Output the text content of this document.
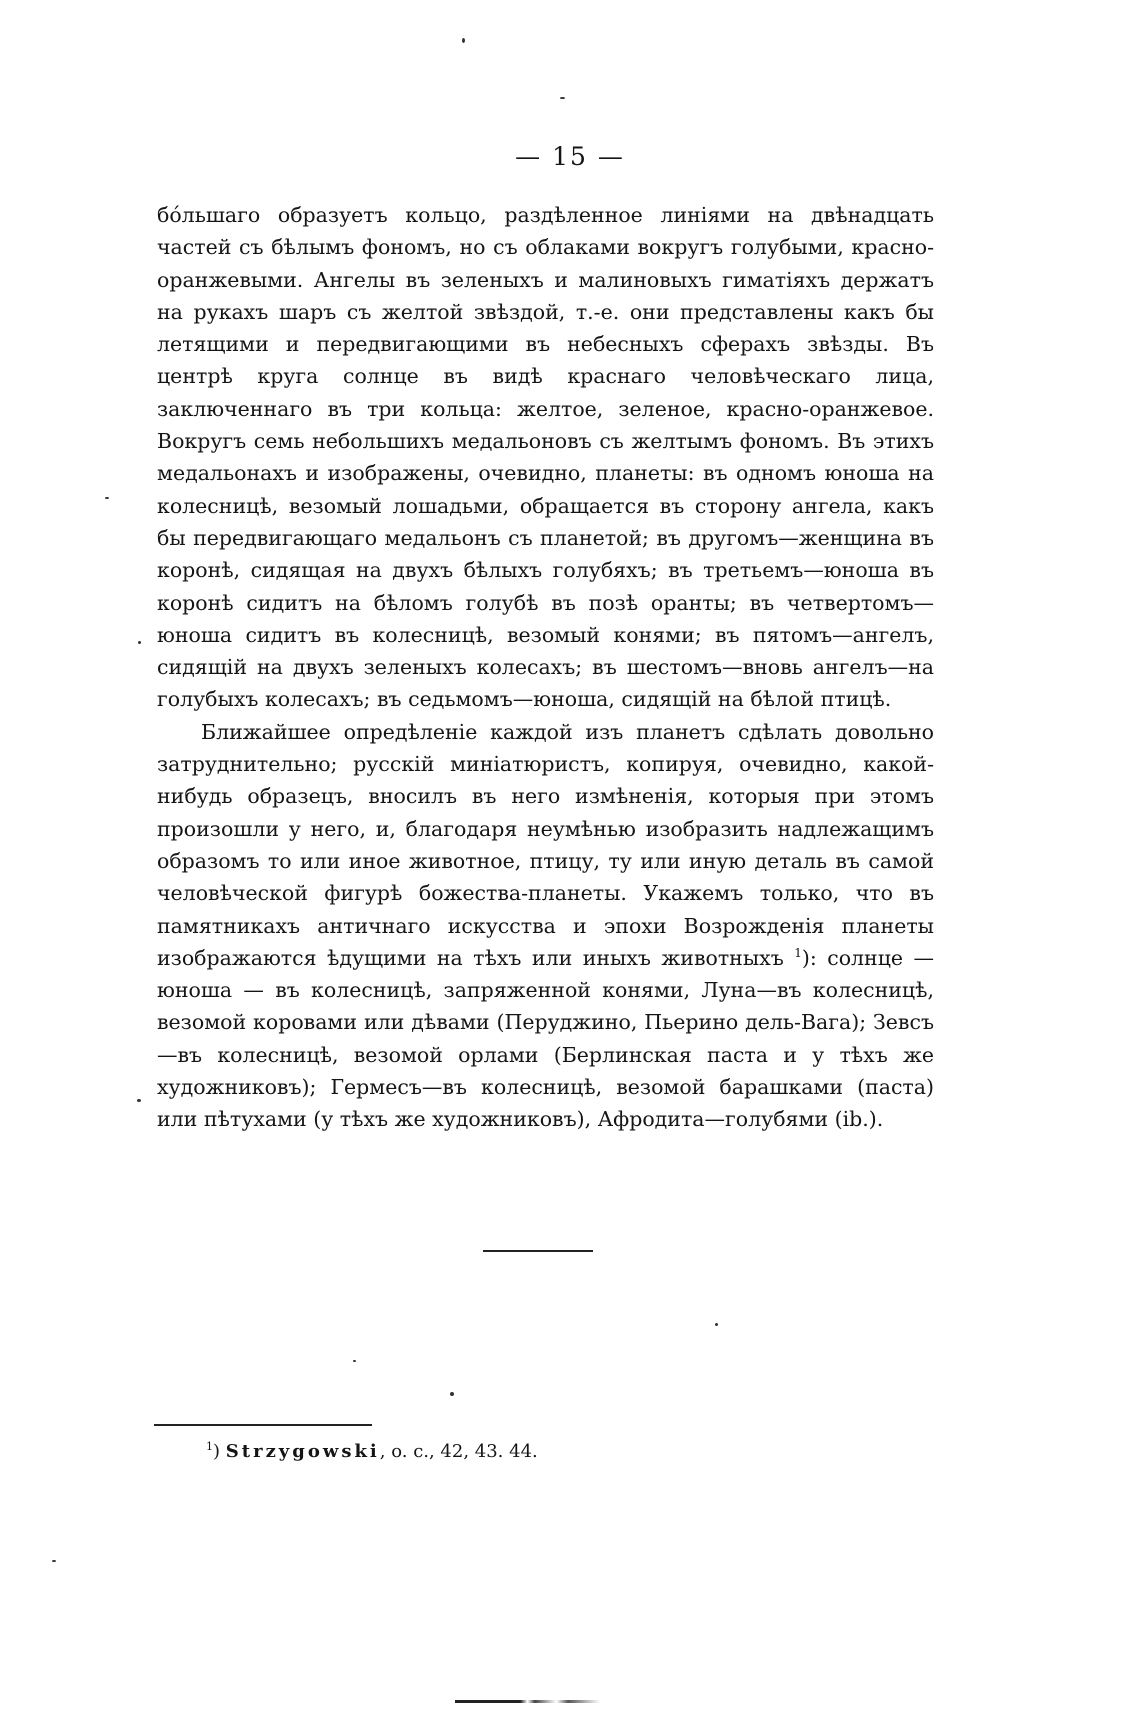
— 15 —

бóльшаго образуетъ кольцо, раздѣленное линіями на двѣнадцать частей съ бѣлымъ фономъ, но съ облаками вокругъ голубыми, красно-оранжевыми. Ангелы въ зеленыхъ и малиновыхъ гиматіяхъ держатъ на рукахъ шаръ съ желтой звѣздой, т.-е. они представлены какъ бы летящими и передвигающими въ небесныхъ сферахъ звѣзды. Въ центрѣ круга солнце въ видѣ краснаго человѣческаго лица, заключеннаго въ три кольца: желтое, зеленое, красно-оранжевое. Вокругъ семь небольшихъ медальоновъ съ желтымъ фономъ. Въ этихъ медальонахъ и изображены, очевидно, планеты: въ одномъ юноша на колесницѣ, везомый лошадьми, обращается въ сторону ангела, какъ бы передвигающаго медальонъ съ планетой; въ другомъ—женщина въ коронѣ, сидящая на двухъ бѣлыхъ голубяхъ; въ третьемъ—юноша въ коронѣ сидитъ на бѣломъ голубѣ въ позѣ оранты; въ четвертомъ—юноша сидитъ въ колесницѣ, везомый конями; въ пятомъ—ангелъ, сидящій на двухъ зеленыхъ колесахъ; въ шестомъ—вновь ангелъ—на голубыхъ колесахъ; въ седьмомъ—юноша, сидящій на бѣлой птицѣ.

Ближайшее опредѣленіе каждой изъ планетъ сдѣлать довольно затруднительно; русскій миніатюристъ, копируя, очевидно, какой-нибудь образецъ, вносилъ въ него измѣненія, которыя при этомъ произошли у него, и, благодаря неумѣнью изобразить надлежащимъ образомъ то или иное животное, птицу, ту или иную деталь въ самой человѣческой фигурѣ божества-планеты. Укажемъ только, что въ памятникахъ античнаго искусства и эпохи Возрожденія планеты изображаются ѣдущими на тѣхъ или иныхъ животныхъ $^1$): солнце — юноша — въ колесницѣ, запряженной конями, Луна—въ колесницѣ, везомой коровами или дѣвами (Перуджино, Пьерино дель-Вага); Зевсъ—въ колесницѣ, везомой орлами (Берлинская паста и у тѣхъ же художниковъ); Гермесъ—въ колесницѣ, везомой барашками (паста) или пѣтухами (у тѣхъ же художниковъ), Афродита—голубями (ib.).

$^1$) Strzygowski, o. c., 42, 43. 44.
